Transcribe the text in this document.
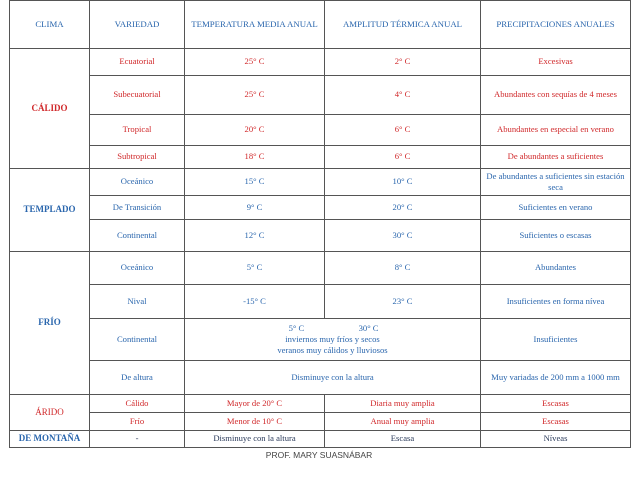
CLIMA	VARIEDAD	TEMPERATURA MEDIA ANUAL	AMPLITUD TÉRMICA ANUAL	PRECIPITACIONES ANUALES
CÁLIDO	Ecuatorial	25° C	2° C	Excesivas
	Subecuatorial	25° C	4° C	Abundantes con sequías de 4 meses
	Tropical	20° C	6° C	Abundantes en especial en verano
	Subtropical	18° C	6° C	De abundantes a suficientes
TEMPLADO	Oceánico	15° C	10° C	De abundantes a suficientes sin estación seca
	De Transición	9° C	20° C	Suficientes en verano
	Continental	12° C	30° C	Suficientes o escasas
FRÍO	Oceánico	5° C	8° C	Abundantes
	Nival	-15° C	23° C	Insuficientes en forma nívea
	Continental	5° C 30° C
inviernos muy fríos y secos
veranos muy cálidos y lluviosos		Insuficientes
	De altura	Disminuye con la altura		Muy variadas de 200 mm a 1000 mm
ÁRIDO	Cálido	Mayor de 20° C	Diaria muy amplia	Escasas
	Frío	Menor de 10° C	Anual muy amplia	Escasas
DE MONTAÑA	-	Disminuye con la altura	Escasa	Níveas
PROF. MARY SUASNÁBAR
